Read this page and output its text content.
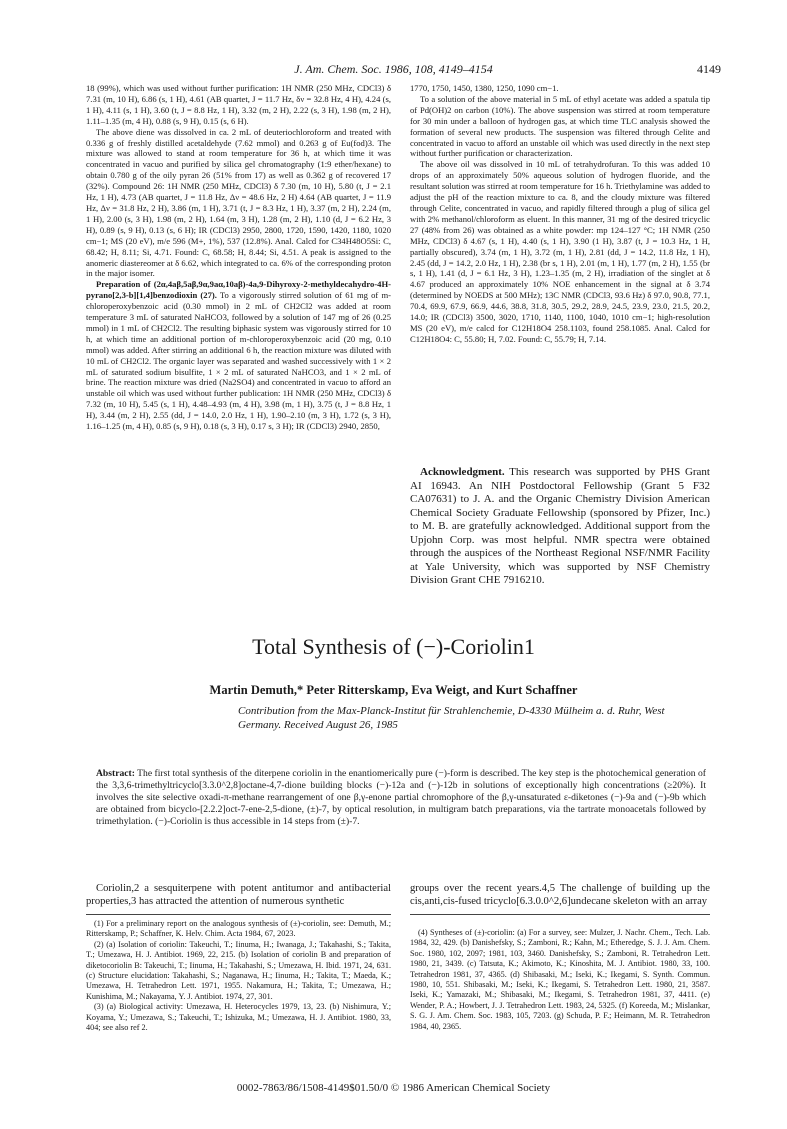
J. Am. Chem. Soc. 1986, 108, 4149–4154	4149

18 (99%), which was used without further purification: 1H NMR (250 MHz, CDCl3) δ 7.31 (m, 10 H), 6.86 (s, 1 H), 4.61 (AB quartet, J = 11.7 Hz, δν = 32.8 Hz, 4 H), 4.24 (s, 1 H), 4.11 (s, 1 H), 3.60 (t, J = 8.8 Hz, 1 H), 3.32 (m, 2 H), 2.22 (s, 3 H), 1.98 (m, 2 H), 1.11–1.35 (m, 4 H), 0.88 (s, 9 H), 0.15 (s, 6 H).

The above diene was dissolved in ca. 2 mL of deuteriochloroform and treated with 0.336 g of freshly distilled acetaldehyde (7.62 mmol) and 0.263 g of Eu(fod)3. The mixture was allowed to stand at room temperature for 36 h, at which time it was concentrated in vacuo and purified by silica gel chromatography (1:9 ether/hexane) to obtain 0.780 g of the oily pyran 26 (51% from 17) as well as 0.362 g of recovered 17 (32%). Compound 26: 1H NMR (250 MHz, CDCl3) δ 7.30 (m, 10 H), 5.80 (t, J = 2.1 Hz, 1 H), 4.73 (AB quartet, J = 11.8 Hz, Δν = 48.6 Hz, 2 H) 4.64 (AB quartet, J = 11.9 Hz, Δν = 31.8 Hz, 2 H), 3.86 (m, 1 H), 3.71 (t, J = 8.3 Hz, 1 H), 3.37 (m, 2 H), 2.24 (m, 1 H), 2.00 (s, 3 H), 1.98 (m, 2 H), 1.64 (m, 3 H), 1.28 (m, 2 H), 1.10 (d, J = 6.2 Hz, 3 H), 0.89 (s, 9 H), 0.13 (s, 6 H); IR (CDCl3) 2950, 2800, 1720, 1590, 1420, 1180, 1020 cm−1; MS (20 eV), m/e 596 (M+, 1%), 537 (12.8%). Anal. Calcd for C34H48O5Si: C, 68.42; H, 8.11; Si, 4.71. Found: C, 68.58; H, 8.44; Si, 4.51. A peak is assigned to the anomeric diastereomer at δ 6.62, which integrated to ca. 6% of the corresponding proton in the major isomer.

Preparation of (2α,4aβ,5aβ,9α,9aα,10aβ)-4a,9-Dihyroxy-2-methyldecahydro-4H-pyrano[2,3-b][1,4]benzodioxin (27). To a vigorously stirred solution of 61 mg of m-chloroperoxybenzoic acid (0.30 mmol) in 2 mL of CH2Cl2 was added at room temperature 3 mL of saturated NaHCO3, followed by a solution of 147 mg of 26 (0.25 mmol) in 1 mL of CH2Cl2. The resulting biphasic system was vigorously stirred for 10 h, at which time an additional portion of m-chloroperoxybenzoic acid (20 mg, 0.10 mmol) was added. After stirring an additional 6 h, the reaction mixture was diluted with 10 mL of CH2Cl2. The organic layer was separated and washed successively with 1 × 2 mL of saturated sodium bisulfite, 1 × 2 mL of saturated NaHCO3, and 1 × 2 mL of brine. The reaction mixture was dried (Na2SO4) and concentrated in vacuo to afford an unstable oil which was used without further publication: 1H NMR (250 MHz, CDCl3) δ 7.32 (m, 10 H), 5.45 (s, 1 H), 4.48–4.93 (m, 4 H), 3.98 (m, 1 H), 3.75 (t, J = 8.8 Hz, 1 H), 3.44 (m, 2 H), 2.55 (dd, J = 14.0, 2.0 Hz, 1 H), 1.90–2.10 (m, 3 H), 1.72 (s, 3 H), 1.16–1.25 (m, 4 H), 0.85 (s, 9 H), 0.18 (s, 3 H), 0.17 s, 3 H); IR (CDCl3) 2940, 2850,

1770, 1750, 1450, 1380, 1250, 1090 cm−1.

To a solution of the above material in 5 mL of ethyl acetate was added a spatula tip of Pd(OH)2 on carbon (10%). The above suspension was stirred at room temperature for 30 min under a balloon of hydrogen gas, at which time TLC analysis showed the formation of several new products. The suspension was filtered through Celite and concentrated in vacuo to afford an unstable oil which was used directly in the next step without further purification or characterization.

The above oil was dissolved in 10 mL of tetrahydrofuran. To this was added 10 drops of an approximately 50% aqueous solution of hydrogen fluoride, and the resultant solution was stirred at room temperature for 16 h. Triethylamine was added to adjust the pH of the reaction mixture to ca. 8, and the cloudy mixture was filtered through Celite, concentrated in vacuo, and rapidly filtered through a plug of silica gel with 2% methanol/chloroform as eluent. In this manner, 31 mg of the desired tricyclic 27 (48% from 26) was obtained as a white powder: mp 124–127 °C; 1H NMR (250 MHz, CDCl3) δ 4.67 (s, 1 H), 4.40 (s, 1 H), 3.90 (1 H), 3.87 (t, J = 10.3 Hz, 1 H, partially obscured), 3.74 (m, 1 H), 3.72 (m, 1 H), 2.81 (dd, J = 14.2, 11.8 Hz, 1 H), 2.45 (dd, J = 14.2, 2.0 Hz, 1 H), 2.38 (br s, 1 H), 2.01 (m, 1 H), 1.77 (m, 2 H), 1.55 (br s, 1 H), 1.41 (d, J = 6.1 Hz, 3 H), 1.23–1.35 (m, 2 H), irradiation of the singlet at δ 4.67 produced an approximately 10% NOE enhancement in the signal at δ 3.74 (determined by NOEDS at 500 MHz); 13C NMR (CDCl3, 93.6 Hz) δ 97.0, 90.8, 77.1, 70.4, 69.9, 67.9, 66.9, 44.6, 38.8, 31.8, 30.5, 29.2, 28.9, 24.5, 23.9, 23.0, 21.5, 20.2, 14.0; IR (CDCl3) 3500, 3020, 1710, 1140, 1100, 1040, 1010 cm−1; high-resolution MS (20 eV), m/e calcd for C12H18O4 258.1103, found 258.1085. Anal. Calcd for C12H18O4: C, 55.80; H, 7.02. Found: C, 55.79; H, 7.14.

Acknowledgment. This research was supported by PHS Grant AI 16943. An NIH Postdoctoral Fellowship (Grant 5 F32 CA07631) to J. A. and the Organic Chemistry Division American Chemical Society Graduate Fellowship (sponsored by Pfizer, Inc.) to M. B. are gratefully acknowledged. Additional support from the Upjohn Corp. was most helpful. NMR spectra were obtained through the auspices of the Northeast Regional NSF/NMR Facility at Yale University, which was supported by NSF Chemistry Division Grant CHE 7916210.

Total Synthesis of (−)-Coriolin1
Martin Demuth,* Peter Ritterskamp, Eva Weigt, and Kurt Schaffner
Contribution from the Max-Planck-Institut für Strahlenchemie, D-4330 Mülheim a. d. Ruhr, West Germany. Received August 26, 1985
Abstract: The first total synthesis of the diterpene coriolin in the enantiomerically pure (−)-form is described. The key step is the photochemical generation of the 3,3,6-trimethyltricyclo[3.3.0^2,8]octane-4,7-dione building blocks (−)-12a and (−)-12b in solutions of exceptionally high concentrations (≥20%). It involves the site selective oxadi-π-methane rearrangement of one β,γ-enone partial chromophore of the β,γ-unsaturated ε-diketones (−)-9a and (−)-9b which are obtained from bicyclo-[2.2.2]oct-7-ene-2,5-dione, (±)-7, by optical resolution, in multigram batch preparations, via the tartrate monoacetals followed by trimethylation. (−)-Coriolin is thus accessible in 14 steps from (±)-7.

Coriolin,2 a sesquiterpene with potent antitumor and antibacterial properties,3 has attracted the attention of numerous synthetic

groups over the recent years.4,5 The challenge of building up the cis,anti,cis-fused tricyclo[6.3.0.0^2,6]undecane skeleton with an array

(1) For a preliminary report on the analogous synthesis of (±)-coriolin, see: Demuth, M.; Ritterskamp, P.; Schaffner, K. Helv. Chim. Acta 1984, 67, 2023.

(2) (a) Isolation of coriolin: Takeuchi, T.; Iinuma, H.; Iwanaga, J.; Takahashi, S.; Takita, T.; Umezawa, H. J. Antibiot. 1969, 22, 215. (b) Isolation of coriolin B and preparation of diketocoriolin B: Takeuchi, T.; Iinuma, H.; Takahashi, S.; Umezawa, H. Ibid. 1971, 24, 631. (c) Structure elucidation: Takahashi, S.; Naganawa, H.; Iinuma, H.; Takita, T.; Maeda, K.; Umezawa, H. Tetrahedron Lett. 1971, 1955. Nakamura, H.; Takita, T.; Umezawa, H.; Kunishima, M.; Nakayama, Y. J. Antibiot. 1974, 27, 301.

(3) (a) Biological activity: Umezawa, H. Heterocycles 1979, 13, 23. (b) Nishimura, Y.; Koyama, Y.; Umezawa, S.; Takeuchi, T.; Ishizuka, M.; Umezawa, H. J. Antibiot. 1980, 33, 404; see also ref 2.

(4) Syntheses of (±)-coriolin: (a) For a survey, see: Mulzer, J. Nachr. Chem., Tech. Lab. 1984, 32, 429. (b) Danishefsky, S.; Zamboni, R.; Kahn, M.; Etheredge, S. J. J. Am. Chem. Soc. 1980, 102, 2097; 1981, 103, 3460. Danishefsky, S.; Zamboni, R. Tetrahedron Lett. 1980, 21, 3439. (c) Tatsuta, K.; Akimoto, K.; Kinoshita, M. J. Antibiot. 1980, 33, 100. Tetrahedron 1981, 37, 4365. (d) Shibasaki, M.; Iseki, K.; Ikegami, S. Synth. Commun. 1980, 10, 551. Shibasaki, M.; Iseki, K.; Ikegami, S. Tetrahedron Lett. 1980, 21, 3587. Iseki, K.; Yamazaki, M.; Shibasaki, M.; Ikegami, S. Tetrahedron 1981, 37, 4411. (e) Wender, P. A.; Howbert, J. J. Tetrahedron Lett. 1983, 24, 5325. (f) Koreeda, M.; Mislankar, S. G. J. Am. Chem. Soc. 1983, 105, 7203. (g) Schuda, P. F.; Heimann, M. R. Tetrahedron 1984, 40, 2365.

0002-7863/86/1508-4149$01.50/0 © 1986 American Chemical Society
